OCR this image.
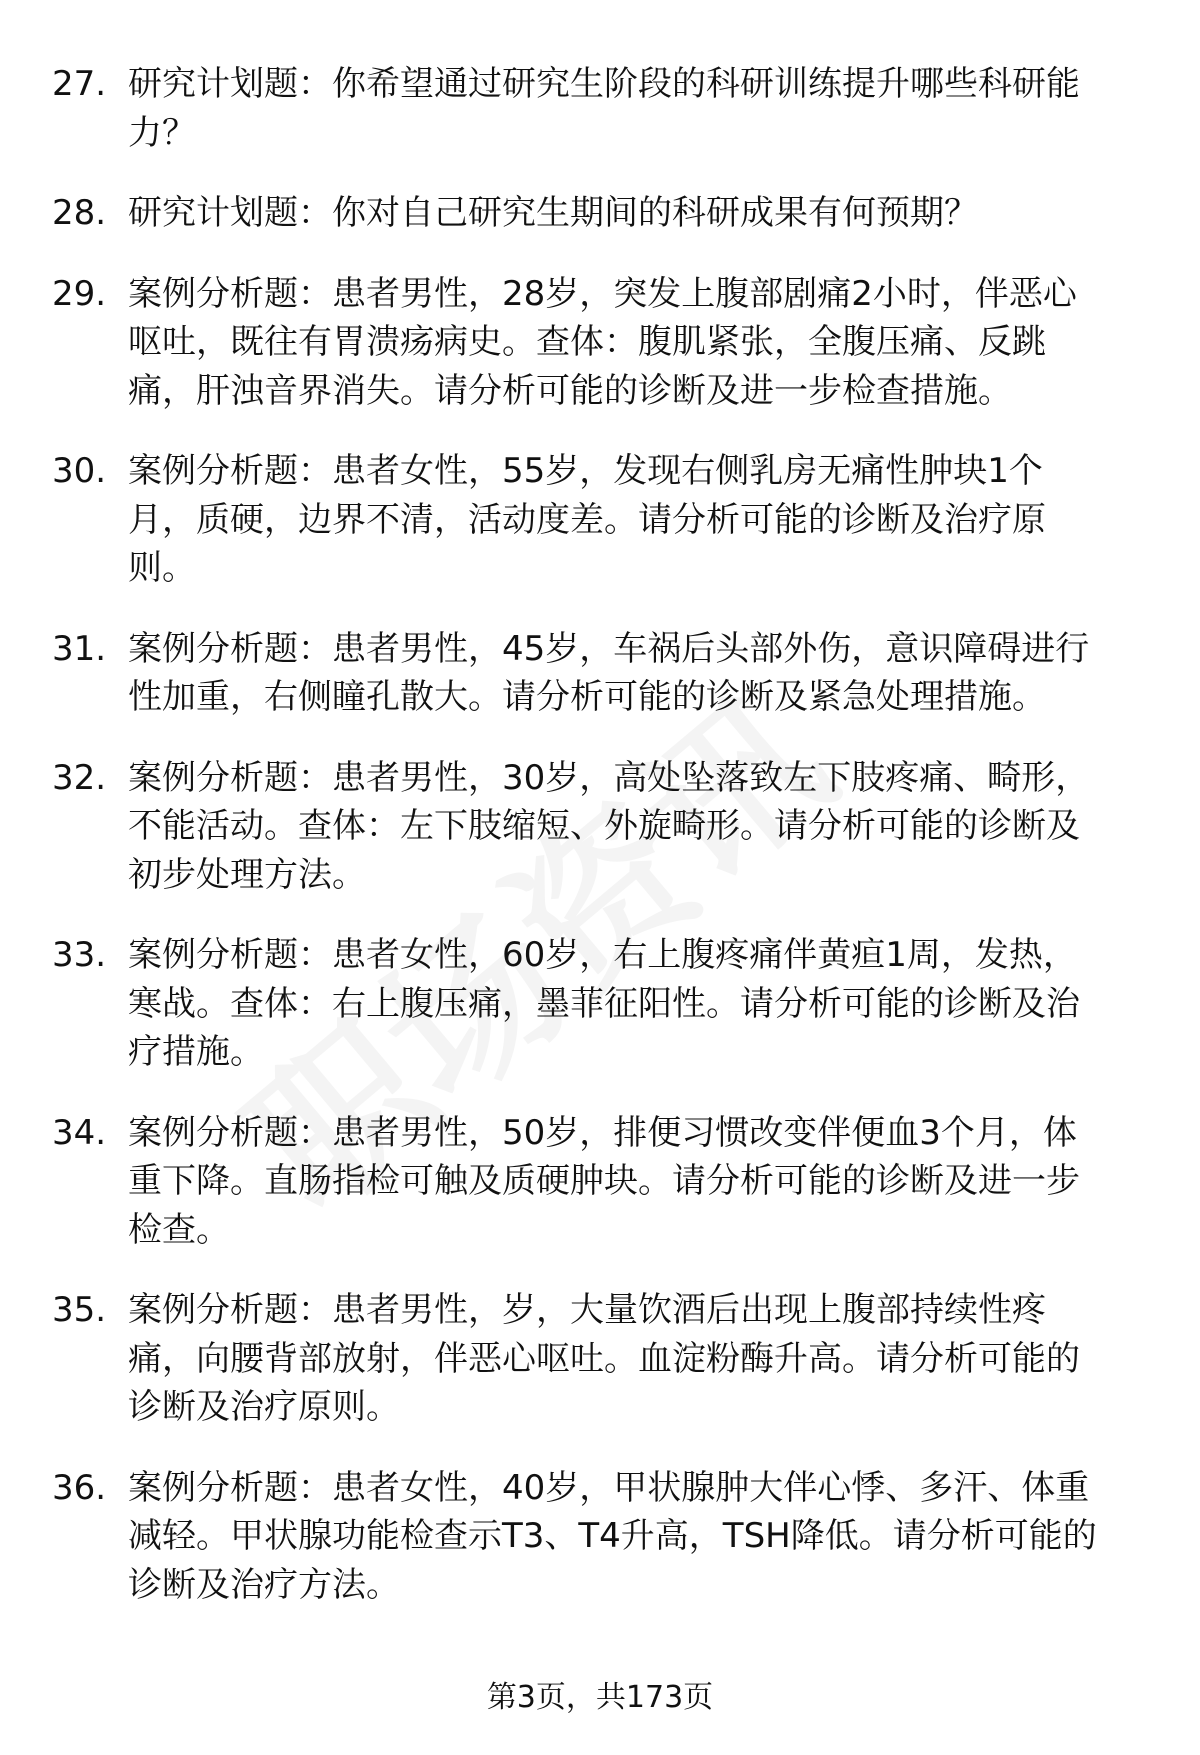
27. 研究计划题：你希望通过研究生阶段的科研训练提升哪些科研能
力？
28. 研究计划题：你对自己研究生期间的科研成果有何预期？
29. 案例分析题：患者男性，28岁，突发上腹部剧痛2小时，伴恶心
呕吐，既往有胃溃疡病史。查体：腹肌紧张，全腹压痛、反跳
痛，肝浊音界消失。请分析可能的诊断及进一步检查措施。
30. 案例分析题：患者女性，55岁，发现右侧乳房无痛性肿块1个
月，质硬，边界不清，活动度差。请分析可能的诊断及治疗原
则。
31. 案例分析题：患者男性，45岁，车祸后头部外伤，意识障碍进行
性加重，右侧瞳孔散大。请分析可能的诊断及紧急处理措施。
32. 案例分析题：患者男性，30岁，高处坠落致左下肢疼痛、畸形，
不能活动。查体：左下肢缩短、外旋畸形。请分析可能的诊断及
初步处理方法。
33. 案例分析题：患者女性，60岁，右上腹疼痛伴黄疸1周，发热，
寒战。查体：右上腹压痛，墨菲征阳性。请分析可能的诊断及治
疗措施。
34. 案例分析题：患者男性，50岁，排便习惯改变伴便血3个月，体
重下降。直肠指检可触及质硬肿块。请分析可能的诊断及进一步
检查。
35. 案例分析题：患者男性，岁，大量饮酒后出现上腹部持续性疼
痛，向腰背部放射，伴恶心呕吐。血淀粉酶升高。请分析可能的
诊断及治疗原则。
36. 案例分析题：患者女性，40岁，甲状腺肿大伴心悸、多汗、体重
减轻。甲状腺功能检查示T3、T4升高，TSH降低。请分析可能的
诊断及治疗方法。
第3页，共173页
